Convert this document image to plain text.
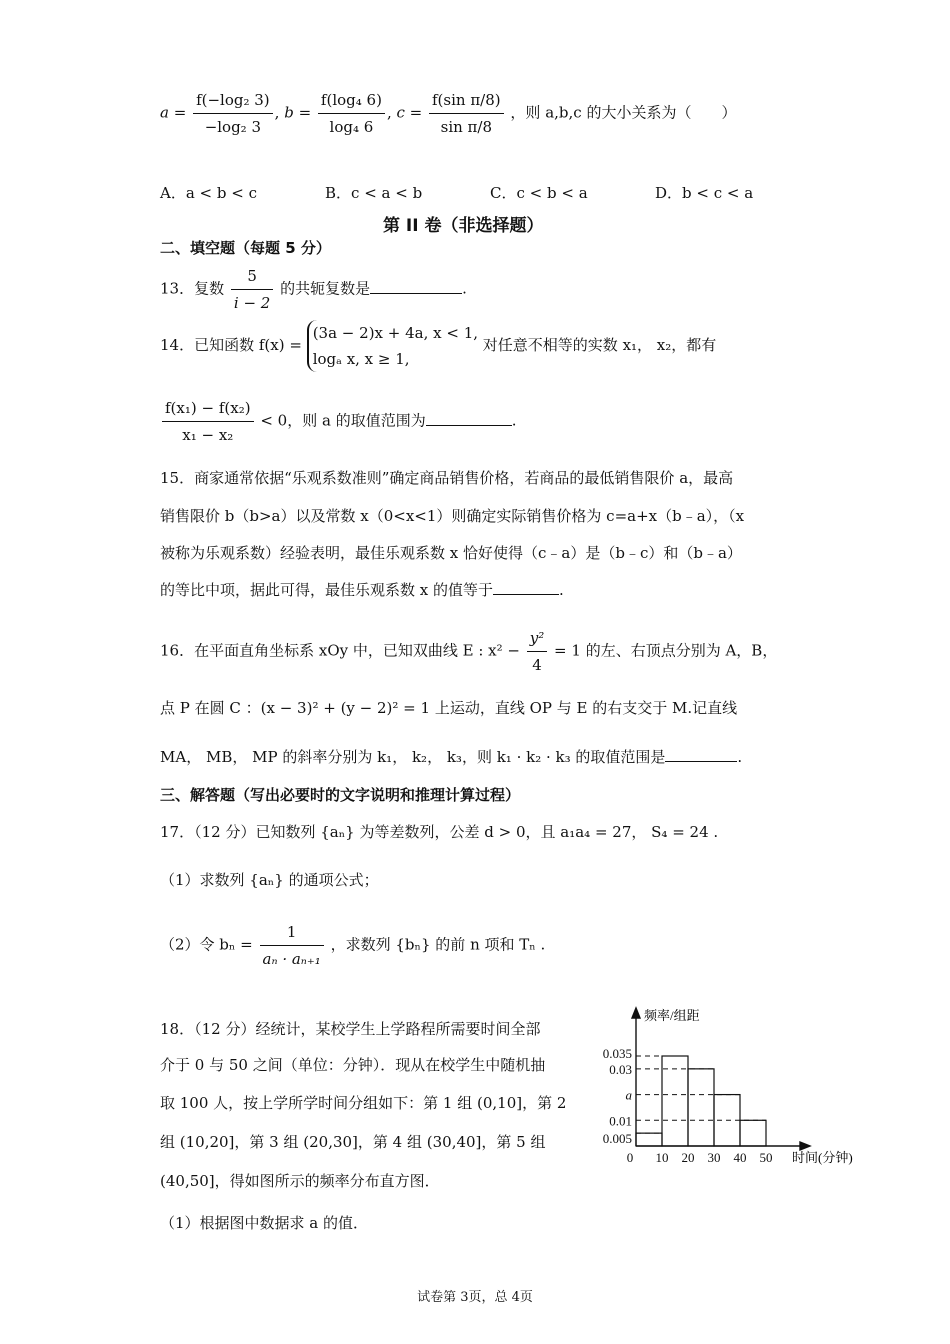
$a = \frac{\text{f(−log₂ 3)}}{\text{−log₂ 3}}$ , $b = \frac{\text{f(log₄ 6)}}{\text{log₄ 6}}$ , $c = \frac{\text{f(sin π/8)}}{\text{sin π/8}}$ ，则 a,b,c 的大小关系为（　　）
A．a < b < c	B．c < a < b	C．c < b < a	D．b < c < a
第 II 卷（非选择题）
二、填空题（每题 5 分）
13．复数 $\frac{5}{i - 2}$ 的共轭复数是	.
14．已知函数 f(x) =
(3a − 2)x + 4a, x < 1,
logₐ x, x ≥ 1,
对任意不相等的实数 x₁， x₂，都有
$\frac{\text{f(x₁) − f(x₂)}}{\text{x₁ − x₂}} < 0$，则 a 的取值范围为	.
15．商家通常依据“乐观系数准则”确定商品销售价格，若商品的最低销售限价 a，最高
销售限价 b（b>a）以及常数 x（0<x<1）则确定实际销售价格为 c=a+x（b﹣a），（x
被称为乐观系数）经验表明，最佳乐观系数 x 恰好使得（c﹣a）是（b﹣c）和（b﹣a）
的等比中项，据此可得，最佳乐观系数 x 的值等于	.
16．在平面直角坐标系 xOy 中，已知双曲线 E : $x^2 - \frac{\text{y²}}{4} = 1$ 的左、右顶点分别为 A，B，
点 P 在圆 C ：(x − 3)² + (y − 2)² = 1 上运动，直线 OP 与 E 的右支交于 M.记直线
MA， MB， MP 的斜率分别为 k₁， k₂， k₃，则 k₁ · k₂ · k₃ 的取值范围是	.
三、解答题（写出必要时的文字说明和推理计算过程）
17．（12 分）已知数列 {aₙ} 为等差数列，公差 d > 0，且 a₁a₄ = 27， S₄ = 24 .
（1）求数列 {aₙ} 的通项公式；
（2）令 $b_n = \frac{1}{\text{aₙ · aₙ₊₁}}$ ，求数列 {bₙ} 的前 n 项和 Tₙ .
18．（12 分）经统计，某校学生上学路程所需要时间全部
介于 0 与 50 之间（单位：分钟）．现从在校学生中随机抽
取 100 人，按上学所学时间分组如下：第 1 组 (0,10]，第 2
组 (10,20]，第 3 组 (20,30]，第 4 组 (30,40]，第 5 组
(40,50]，得如图所示的频率分布直方图．
（1）根据图中数据求 a 的值．
0.035
0.03
a
0.01
0.005
0 10 20 30 40 50
频率/组距
时间(分钟)
试卷第 3页，总 4页
